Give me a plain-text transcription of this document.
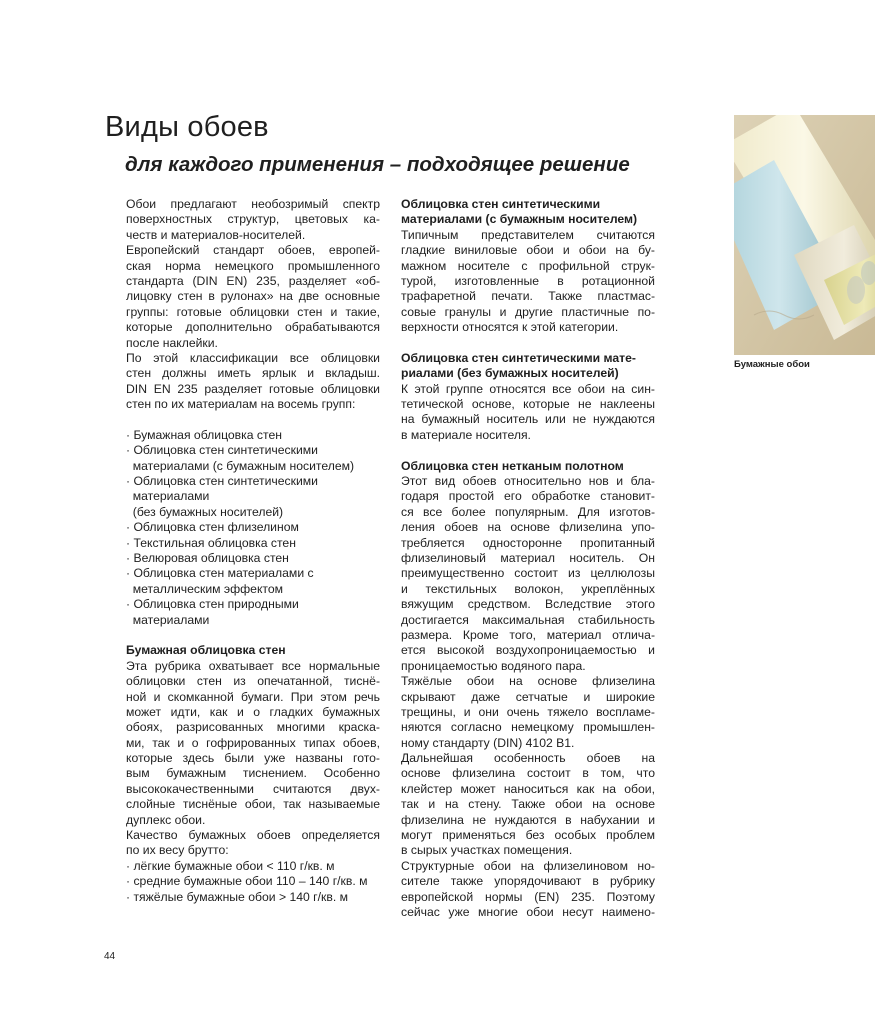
Виды обоев
для каждого применения – подходящее решение
Обои предлагают необозримый спектр
поверхностных структур, цветовых ка-
честв и материалов-носителей.
Европейский стандарт обоев, европей-
ская норма немецкого промышленного
стандарта (DIN EN) 235, разделяет «об-
лицовку стен в рулонах» на две основные
группы: готовые облицовки стен и такие,
которые дополнительно обрабатываются
после наклейки.
По этой классификации все облицовки
стен должны иметь ярлык и вкладыш.
DIN EN 235 разделяет готовые облицовки
стен по их материалам на восемь групп:
· Бумажная облицовка стен
· Облицовка стен синтетическими
материалами (с бумажным носителем)
· Облицовка стен синтетическими
материалами
(без бумажных носителей)
· Облицовка стен флизелином
· Текстильная облицовка стен
· Велюровая облицовка стен
· Облицовка стен материалами с
металлическим эффектом
· Облицовка стен природными
материалами
Бумажная облицовка стен
Эта рубрика охватывает все нормальные
облицовки стен из опечатанной, тиснё-
ной и скомканной бумаги. При этом речь
может идти, как и о гладких бумажных
обоях, разрисованных многими краска-
ми, так и о гофрированных типах обоев,
которые здесь были уже названы гото-
вым бумажным тиснением. Особенно
высококачественными считаются двух-
слойные тиснёные обои, так называемые
дуплекс обои.
Качество бумажных обоев определяется
по их весу брутто:
· лёгкие бумажные обои < 110 г/кв. м
· средние бумажные обои 110 – 140 г/кв. м
· тяжёлые бумажные обои > 140 г/кв. м
Облицовка стен синтетическими
материалами (с бумажным носителем)
Типичным представителем считаются
гладкие виниловые обои и обои на бу-
мажном носителе с профильной струк-
турой, изготовленные в ротационной
трафаретной печати. Также пластмас-
совые гранулы и другие пластичные по-
верхности относятся к этой категории.
Облицовка стен синтетическими мате-
риалами (без бумажных носителей)
К этой группе относятся все обои на син-
тетической основе, которые не наклеены
на бумажный носитель или не нуждаются
в материале носителя.
Облицовка стен нетканым полотном
Этот вид обоев относительно нов и бла-
годаря простой его обработке становит-
ся все более популярным. Для изготов-
ления обоев на основе флизелина упо-
требляется односторонне пропитанный
флизелиновый материал носитель. Он
преимущественно состоит из целлюлозы
и текстильных волокон, укреплённых
вяжущим средством. Вследствие этого
достигается максимальная стабильность
размера. Кроме того, материал отлича-
ется высокой воздухопроницаемостью и
проницаемостью водяного пара.
Тяжёлые обои на основе флизелина
скрывают даже сетчатые и широкие
трещины, и они очень тяжело воспламе-
няются согласно немецкому промышлен-
ному стандарту (DIN) 4102 B1.
Дальнейшая особенность обоев на
основе флизелина состоит в том, что
клейстер может наноситься как на обои,
так и на стену. Также обои на основе
флизелина не нуждаются в набухании и
могут применяться без особых проблем
в сырых участках помещения.
Структурные обои на флизелиновом но-
сителе также упорядочивают в рубрику
европейской нормы (EN) 235. Поэтому
сейчас уже многие обои несут наимено-
Бумажные обои
44
